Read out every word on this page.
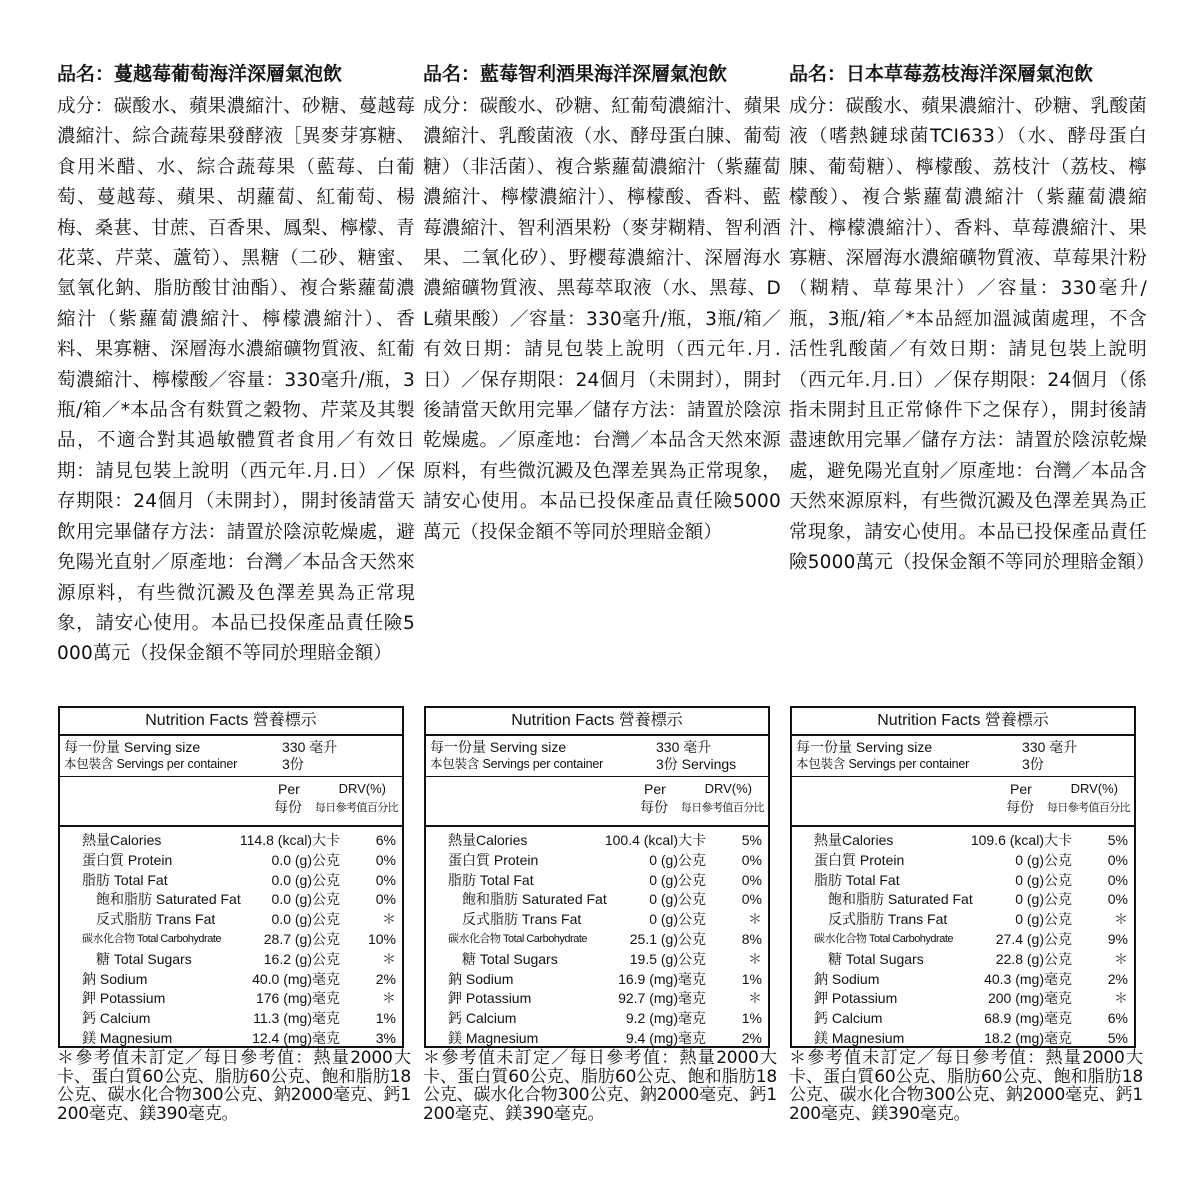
品名：蔓越莓葡萄海洋深層氣泡飲

成分：碳酸水、蘋果濃縮汁、砂糖、蔓越莓濃縮汁、綜合蔬莓果發酵液［異麥芽寡糖、食用米醋、水、綜合蔬莓果（藍莓、白葡萄、蔓越莓、蘋果、胡蘿蔔、紅葡萄、楊梅、桑葚、甘蔗、百香果、鳳梨、檸檬、青花菜、芹菜、蘆筍）、黑糖（二砂、糖蜜、氫氧化鈉、脂肪酸甘油酯）、複合紫蘿蔔濃縮汁（紫蘿蔔濃縮汁、檸檬濃縮汁）、香料、果寡糖、深層海水濃縮礦物質液、紅葡萄濃縮汁、檸檬酸／容量：330毫升/瓶，3瓶/箱／*本品含有麩質之穀物、芹菜及其製品，不適合對其過敏體質者食用／有效日期：請見包裝上說明（西元年.月.日）／保存期限：24個月（未開封），開封後請當天飲用完畢儲存方法：請置於陰涼乾燥處，避免陽光直射／原產地：台灣／本品含天然來源原料，有些微沉澱及色澤差異為正常現象，請安心使用。本品已投保產品責任險5000萬元（投保金額不等同於理賠金額）

品名：藍莓智利酒果海洋深層氣泡飲

成分：碳酸水、砂糖、紅葡萄濃縮汁、蘋果濃縮汁、乳酸菌液（水、酵母蛋白腖、葡萄糖）（非活菌）、複合紫蘿蔔濃縮汁（紫蘿蔔濃縮汁、檸檬濃縮汁）、檸檬酸、香料、藍莓濃縮汁、智利酒果粉（麥芽糊精、智利酒果、二氧化矽）、野櫻莓濃縮汁、深層海水濃縮礦物質液、黑莓萃取液（水、黑莓、DL蘋果酸）／容量：330毫升/瓶，3瓶/箱／有效日期：請見包裝上說明（西元年.月.日）／保存期限：24個月（未開封），開封後請當天飲用完畢／儲存方法：請置於陰涼乾燥處。／原產地：台灣／本品含天然來源原料，有些微沉澱及色澤差異為正常現象，請安心使用。本品已投保產品責任險5000萬元（投保金額不等同於理賠金額）

品名：日本草莓荔枝海洋深層氣泡飲

成分：碳酸水、蘋果濃縮汁、砂糖、乳酸菌液（嗜熱鏈球菌TCI633）（水、酵母蛋白腖、葡萄糖）、檸檬酸、荔枝汁（荔枝、檸檬酸）、複合紫蘿蔔濃縮汁（紫蘿蔔濃縮汁、檸檬濃縮汁）、香料、草莓濃縮汁、果寡糖、深層海水濃縮礦物質液、草莓果汁粉（糊精、草莓果汁）／容量：330毫升/瓶，3瓶/箱／*本品經加溫減菌處理，不含活性乳酸菌／有效日期：請見包裝上說明（西元年.月.日）／保存期限：24個月（係指未開封且正常條件下之保存），開封後請盡速飲用完畢／儲存方法：請置於陰涼乾燥處，避免陽光直射／原產地：台灣／本品含天然來源原料，有些微沉澱及色澤差異為正常現象，請安心使用。本品已投保產品責任險5000萬元（投保金額不等同於理賠金額）

Nutrition Facts 營養標示
每一份量 Serving size	330 毫升
本包裝含 Servings per container	3份
Per	DRV(%)
每份 每日參考值百分比
熱量Calories	114.8 (kcal)大卡	6%
蛋白質 Protein	0.0 (g)公克	0%
脂肪 Total Fat	0.0 (g)公克	0%
飽和脂肪 Saturated Fat 0.0 (g)公克	0%
反式脂肪 Trans Fat	0.0 (g)公克	＊
碳水化合物 Total Carbohydrate	28.7 (g)公克	10%
糖 Total Sugars	16.2 (g)公克	＊
鈉 Sodium	40.0 (mg)毫克	2%
鉀 Potassium	176 (mg)毫克	＊
鈣 Calcium	11.3 (mg)毫克	1%
鎂 Magnesium	12.4 (mg)毫克	3%
Nutrition Facts 營養標示
每一份量 Serving size	330 毫升
本包裝含 Servings per container	3份 Servings
Per	DRV(%)
每份 每日參考值百分比
熱量Calories	100.4 (kcal)大卡	5%
蛋白質 Protein	0 (g)公克	0%
脂肪 Total Fat	0 (g)公克	0%
飽和脂肪 Saturated Fat	0 (g)公克	0%
反式脂肪 Trans Fat	0 (g)公克	＊
碳水化合物 Total Carbohydrate	25.1 (g)公克	8%
糖 Total Sugars	19.5 (g)公克	＊
鈉 Sodium	16.9 (mg)毫克	1%
鉀 Potassium	92.7 (mg)毫克	＊
鈣 Calcium	9.2 (mg)毫克	1%
鎂 Magnesium	9.4 (mg)毫克	2%
Nutrition Facts 營養標示
每一份量 Serving size	330 毫升
本包裝含 Servings per container	3份
Per	DRV(%)
每份 每日參考值百分比
熱量Calories	109.6 (kcal)大卡	5%
蛋白質 Protein	0 (g)公克	0%
脂肪 Total Fat	0 (g)公克	0%
飽和脂肪 Saturated Fat	0 (g)公克	0%
反式脂肪 Trans Fat	0 (g)公克	＊
碳水化合物 Total Carbohydrate	27.4 (g)公克	9%
糖 Total Sugars	22.8 (g)公克	＊
鈉 Sodium	40.3 (mg)毫克	2%
鉀 Potassium	200 (mg)毫克	＊
鈣 Calcium	68.9 (mg)毫克	6%
鎂 Magnesium	18.2 (mg)毫克	5%
＊參考值未訂定／每日參考值：熱量2000大卡、蛋白質60公克、脂肪60公克、飽和脂肪18公克、碳水化合物300公克、鈉2000毫克、鈣1200毫克、鎂390毫克。
＊參考值未訂定／每日參考值：熱量2000大卡、蛋白質60公克、脂肪60公克、飽和脂肪18公克、碳水化合物300公克、鈉2000毫克、鈣1200毫克、鎂390毫克。
＊參考值未訂定／每日參考值：熱量2000大卡、蛋白質60公克、脂肪60公克、飽和脂肪18公克、碳水化合物300公克、鈉2000毫克、鈣1200毫克、鎂390毫克。
